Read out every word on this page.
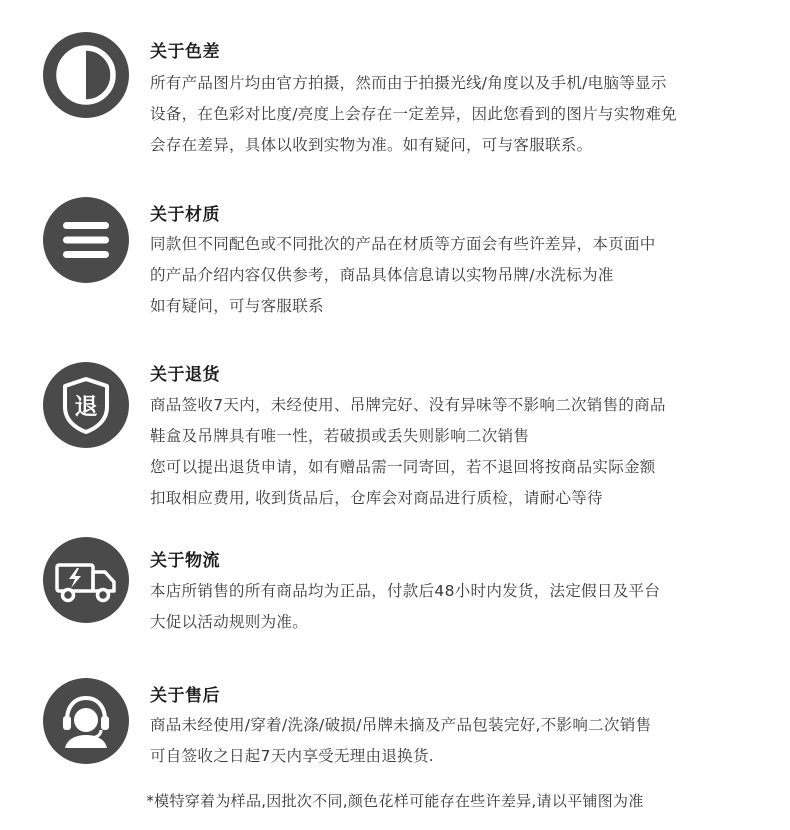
关于色差
所有产品图片均由官方拍摄，然而由于拍摄光线/角度以及手机/电脑等显示
设备，在色彩对比度/亮度上会存在一定差异，因此您看到的图片与实物难免
会存在差异，具体以收到实物为准。如有疑问，可与客服联系。
关于材质
同款但不同配色或不同批次的产品在材质等方面会有些许差异，本页面中
的产品介绍内容仅供参考，商品具体信息请以实物吊牌/水洗标为准
如有疑问，可与客服联系
退
关于退货
商品签收7天内，未经使用、吊牌完好、没有异味等不影响二次销售的商品
鞋盒及吊牌具有唯一性，若破损或丢失则影响二次销售
您可以提出退货申请，如有赠品需一同寄回，若不退回将按商品实际金额
扣取相应费用, 收到货品后，仓库会对商品进行质检，请耐心等待
关于物流
本店所销售的所有商品均为正品，付款后48小时内发货，法定假日及平台
大促以活动规则为准。
关于售后
商品未经使用/穿着/洗涤/破损/吊牌未摘及产品包装完好,不影响二次销售
可自签收之日起7天内享受无理由退换货.
*模特穿着为样品,因批次不同,颜色花样可能存在些许差异,请以平铺图为准
